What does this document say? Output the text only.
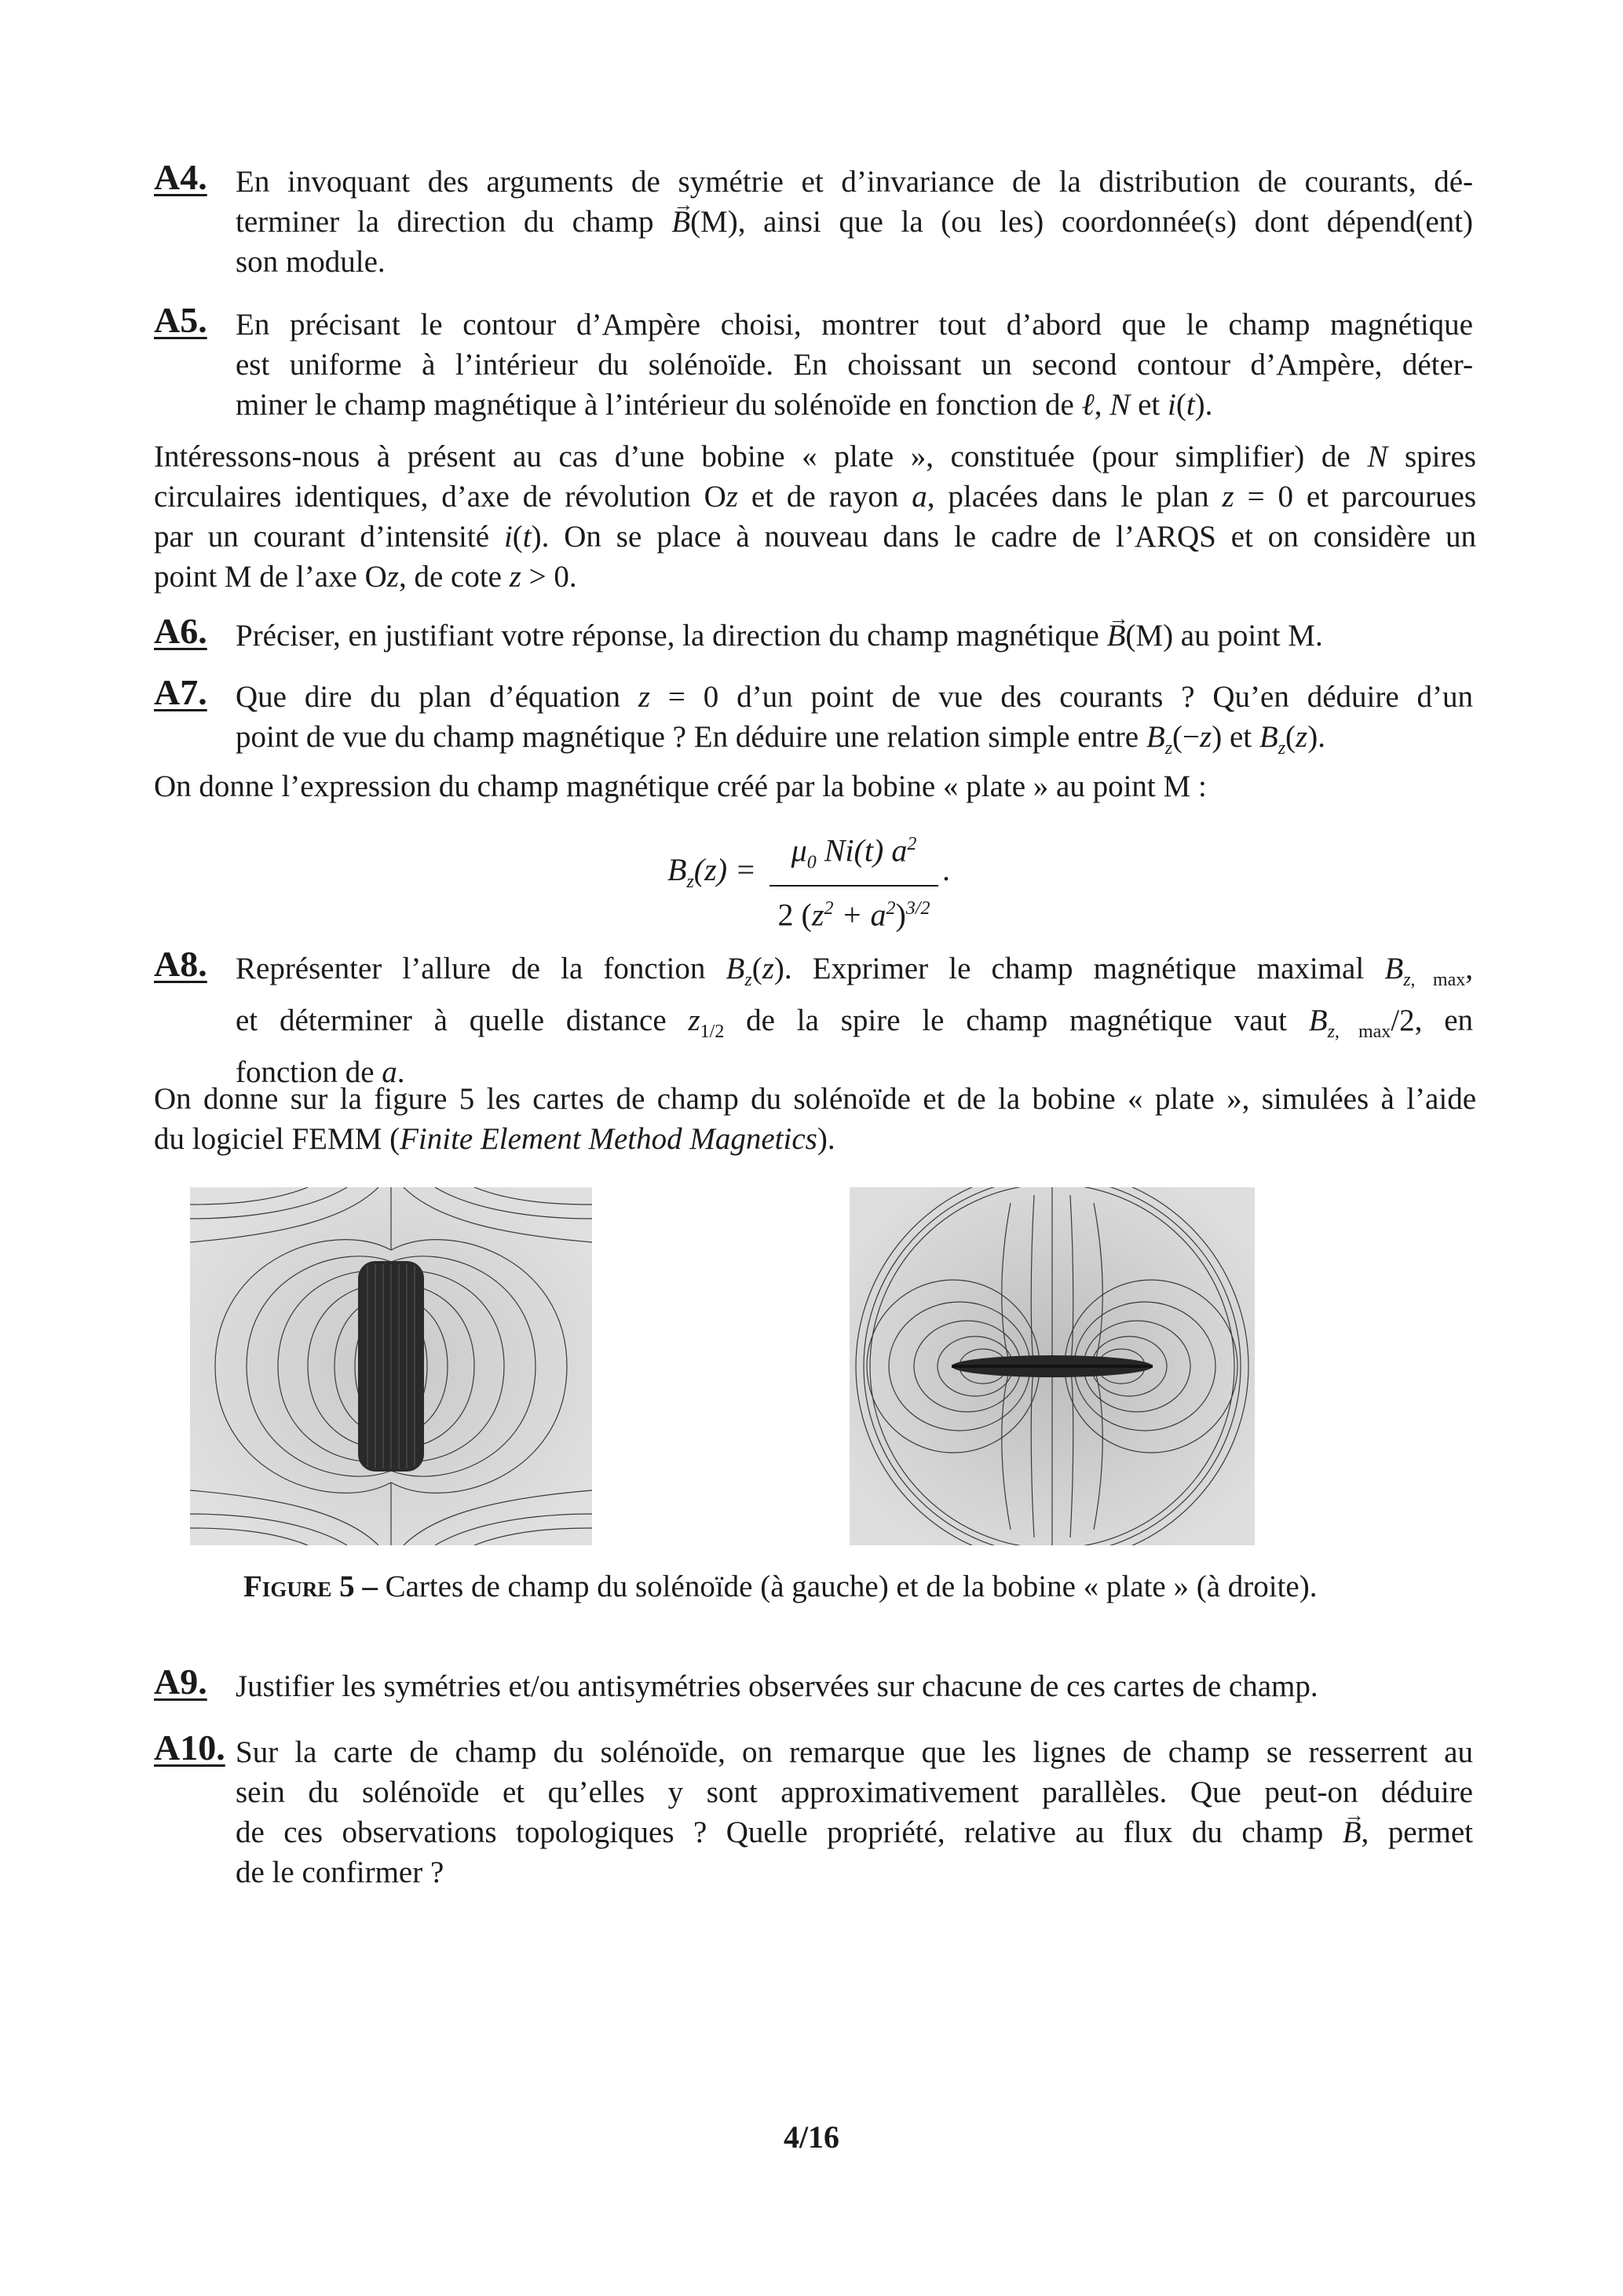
A4. En invoquant des arguments de symétrie et d’invariance de la distribution de courants, dé-
terminer la direction du champ → B(M), ainsi que la (ou les) coordonnée(s) dont dépend(ent)
son module.
A5. En précisant le contour d’Ampère choisi, montrer tout d’abord que le champ magnétique
est uniforme à l’intérieur du solénoïde. En choissant un second contour d’Ampère, déter-
miner le champ magnétique à l’intérieur du solénoïde en fonction de ℓ, N et i(t).
Intéressons-nous à présent au cas d’une bobine « plate », constituée (pour simplifier) de N spires
circulaires identiques, d’axe de révolution Oz et de rayon a, placées dans le plan z = 0 et parcourues
par un courant d’intensité i(t). On se place à nouveau dans le cadre de l’ARQS et on considère un
point M de l’axe Oz, de cote z > 0.
A6. Préciser, en justifiant votre réponse, la direction du champ magnétique → B(M) au point M.
A7. Que dire du plan d’équation z = 0 d’un point de vue des courants ? Qu’en déduire d’un
point de vue du champ magnétique ? En déduire une relation simple entre $B_z(-z)$ et $B_z(z)$.
On donne l’expression du champ magnétique créé par la bobine « plate » au point M :
$B_z(z)$ =
$\mu_0$ Ni(t) $a^2$
2 $(z^2 + a^2)^{3/2}$
.
A8. Représenter l’allure de la fonction $B_z(z)$. Exprimer le champ magnétique maximal $B_{z, max}$,
et déterminer à quelle distance $z_{1/2}$ de la spire le champ magnétique vaut $B_{z, max}/2$, en
fonction de a.
On donne sur la figure 5 les cartes de champ du solénoïde et de la bobine « plate », simulées à l’aide
du logiciel FEMM (Finite Element Method Magnetics).
Figure 5 – Cartes de champ du solénoïde (à gauche) et de la bobine « plate » (à droite).
A9. Justifier les symétries et/ou antisymétries observées sur chacune de ces cartes de champ.
A10. Sur la carte de champ du solénoïde, on remarque que les lignes de champ se resserrent au
sein du solénoïde et qu’elles y sont approximativement parallèles. Que peut-on déduire
de ces observations topologiques ? Quelle propriété, relative au flux du champ → B, permet
de le confirmer ?
4/16
